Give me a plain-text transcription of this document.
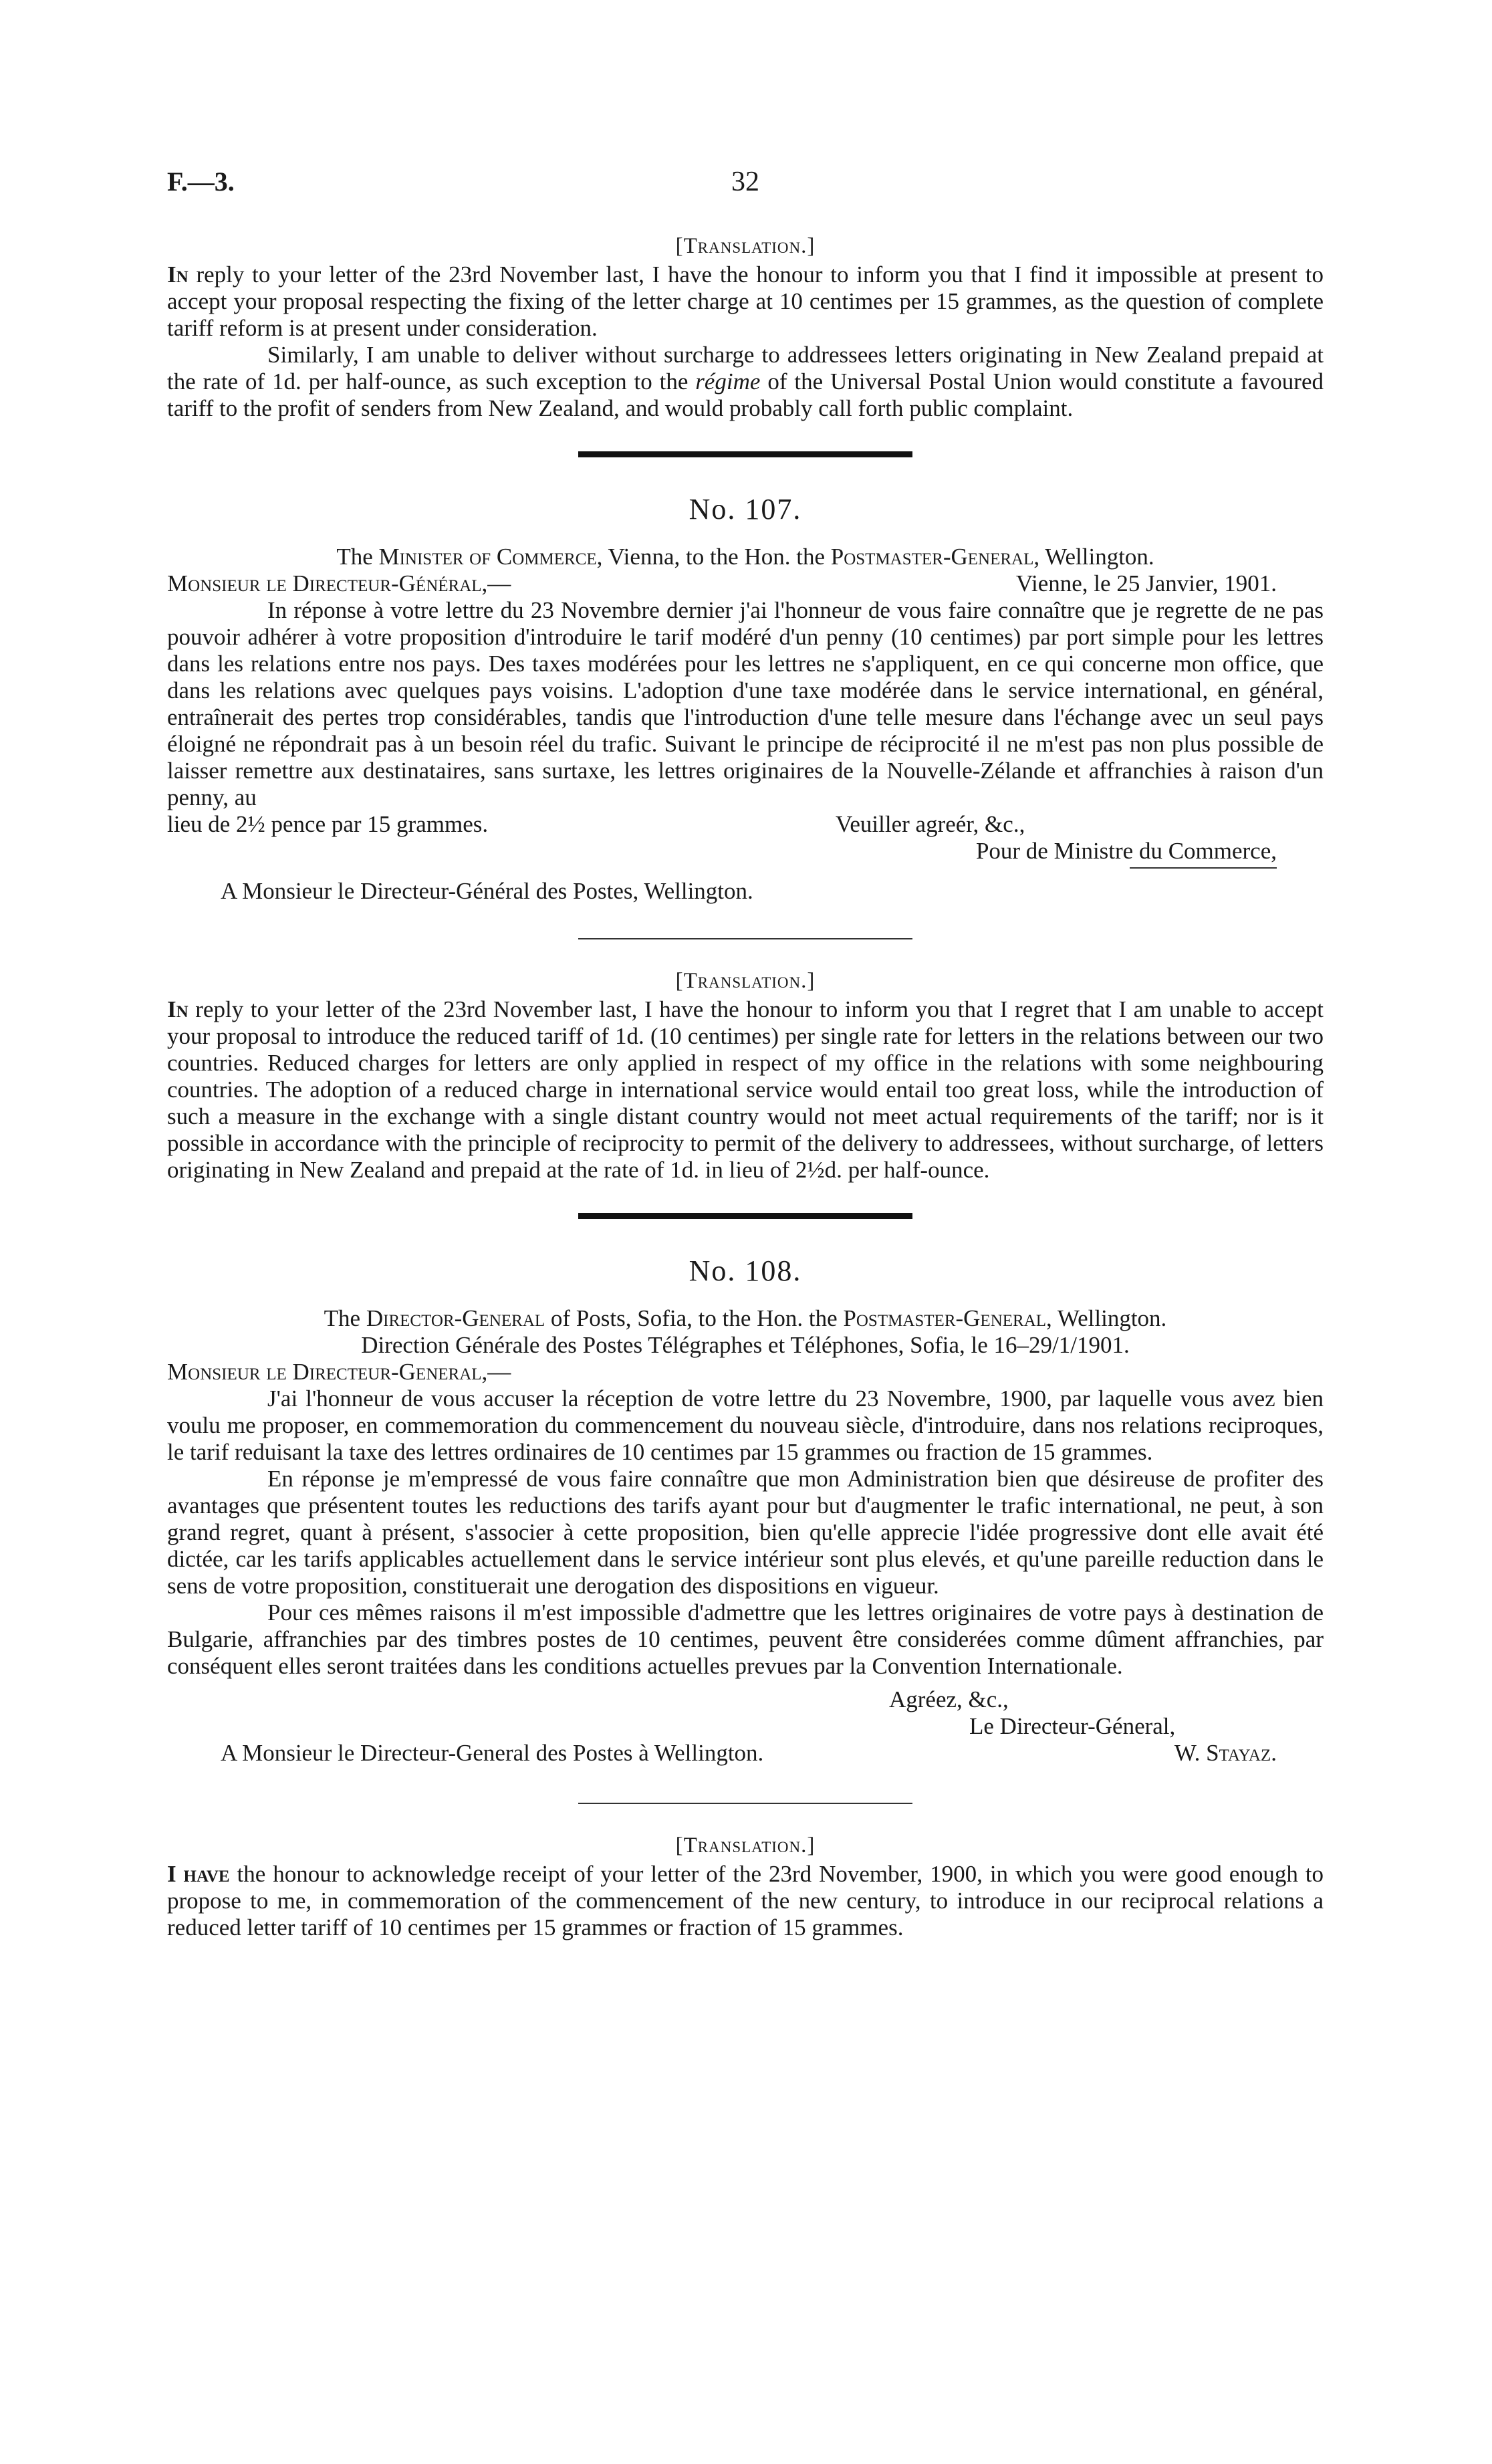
F.—3.	32
[Translation.]

In reply to your letter of the 23rd November last, I have the honour to inform you that I find it impossible at present to accept your proposal respecting the fixing of the letter charge at 10 centimes per 15 grammes, as the question of complete tariff reform is at present under consideration.

Similarly, I am unable to deliver without surcharge to addressees letters originating in New Zealand prepaid at the rate of 1d. per half-ounce, as such exception to the régime of the Universal Postal Union would constitute a favoured tariff to the profit of senders from New Zealand, and would probably call forth public complaint.

No. 107.

The Minister of Commerce, Vienna, to the Hon. the Postmaster-General, Wellington.

Monsieur le Directeur-Général,—	Vienne, le 25 Janvier, 1901.

In réponse à votre lettre du 23 Novembre dernier j'ai l'honneur de vous faire connaître que je regrette de ne pas pouvoir adhérer à votre proposition d'introduire le tarif modéré d'un penny (10 centimes) par port simple pour les lettres dans les relations entre nos pays. Des taxes modérées pour les lettres ne s'appliquent, en ce qui concerne mon office, que dans les relations avec quelques pays voisins. L'adoption d'une taxe modérée dans le service international, en général, entraînerait des pertes trop considérables, tandis que l'introduction d'une telle mesure dans l'échange avec un seul pays éloigné ne répondrait pas à un besoin réel du trafic. Suivant le principe de réciprocité il ne m'est pas non plus possible de laisser remettre aux destinataires, sans surtaxe, les lettres originaires de la Nouvelle-Zélande et affranchies à raison d'un penny, au

lieu de 2½ pence par 15 grammes.	Veuiller agreér, &c.,
Pour de Ministre du Commerce,
A Monsieur le Directeur-Général des Postes, Wellington.
[Translation.]

In reply to your letter of the 23rd November last, I have the honour to inform you that I regret that I am unable to accept your proposal to introduce the reduced tariff of 1d. (10 centimes) per single rate for letters in the relations between our two countries. Reduced charges for letters are only applied in respect of my office in the relations with some neighbouring countries. The adoption of a reduced charge in international service would entail too great loss, while the introduction of such a measure in the exchange with a single distant country would not meet actual requirements of the tariff; nor is it possible in accordance with the principle of reciprocity to permit of the delivery to addressees, without surcharge, of letters originating in New Zealand and prepaid at the rate of 1d. in lieu of 2½d. per half-ounce.

No. 108.

The Director-General of Posts, Sofia, to the Hon. the Postmaster-General, Wellington.

Direction Générale des Postes Télégraphes et Téléphones, Sofia, le 16–29/1/1901.

Monsieur le Directeur-General,—

J'ai l'honneur de vous accuser la réception de votre lettre du 23 Novembre, 1900, par laquelle vous avez bien voulu me proposer, en commemoration du commencement du nouveau siècle, d'introduire, dans nos relations reciproques, le tarif reduisant la taxe des lettres ordinaires de 10 centimes par 15 grammes ou fraction de 15 grammes.

En réponse je m'empressé de vous faire connaître que mon Administration bien que désireuse de profiter des avantages que présentent toutes les reductions des tarifs ayant pour but d'augmenter le trafic international, ne peut, à son grand regret, quant à présent, s'associer à cette proposition, bien qu'elle apprecie l'idée progressive dont elle avait été dictée, car les tarifs applicables actuellement dans le service intérieur sont plus elevés, et qu'une pareille reduction dans le sens de votre proposition, constituerait une derogation des dispositions en vigueur.

Pour ces mêmes raisons il m'est impossible d'admettre que les lettres originaires de votre pays à destination de Bulgarie, affranchies par des timbres postes de 10 centimes, peuvent être considerées comme dûment affranchies, par conséquent elles seront traitées dans les conditions actuelles prevues par la Convention Internationale.

Agréez, &c.,
Le Directeur-Géneral,
A Monsieur le Directeur-General des Postes à Wellington.	W. Stayaz.
[Translation.]

I have the honour to acknowledge receipt of your letter of the 23rd November, 1900, in which you were good enough to propose to me, in commemoration of the commencement of the new century, to introduce in our reciprocal relations a reduced letter tariff of 10 centimes per 15 grammes or fraction of 15 grammes.
